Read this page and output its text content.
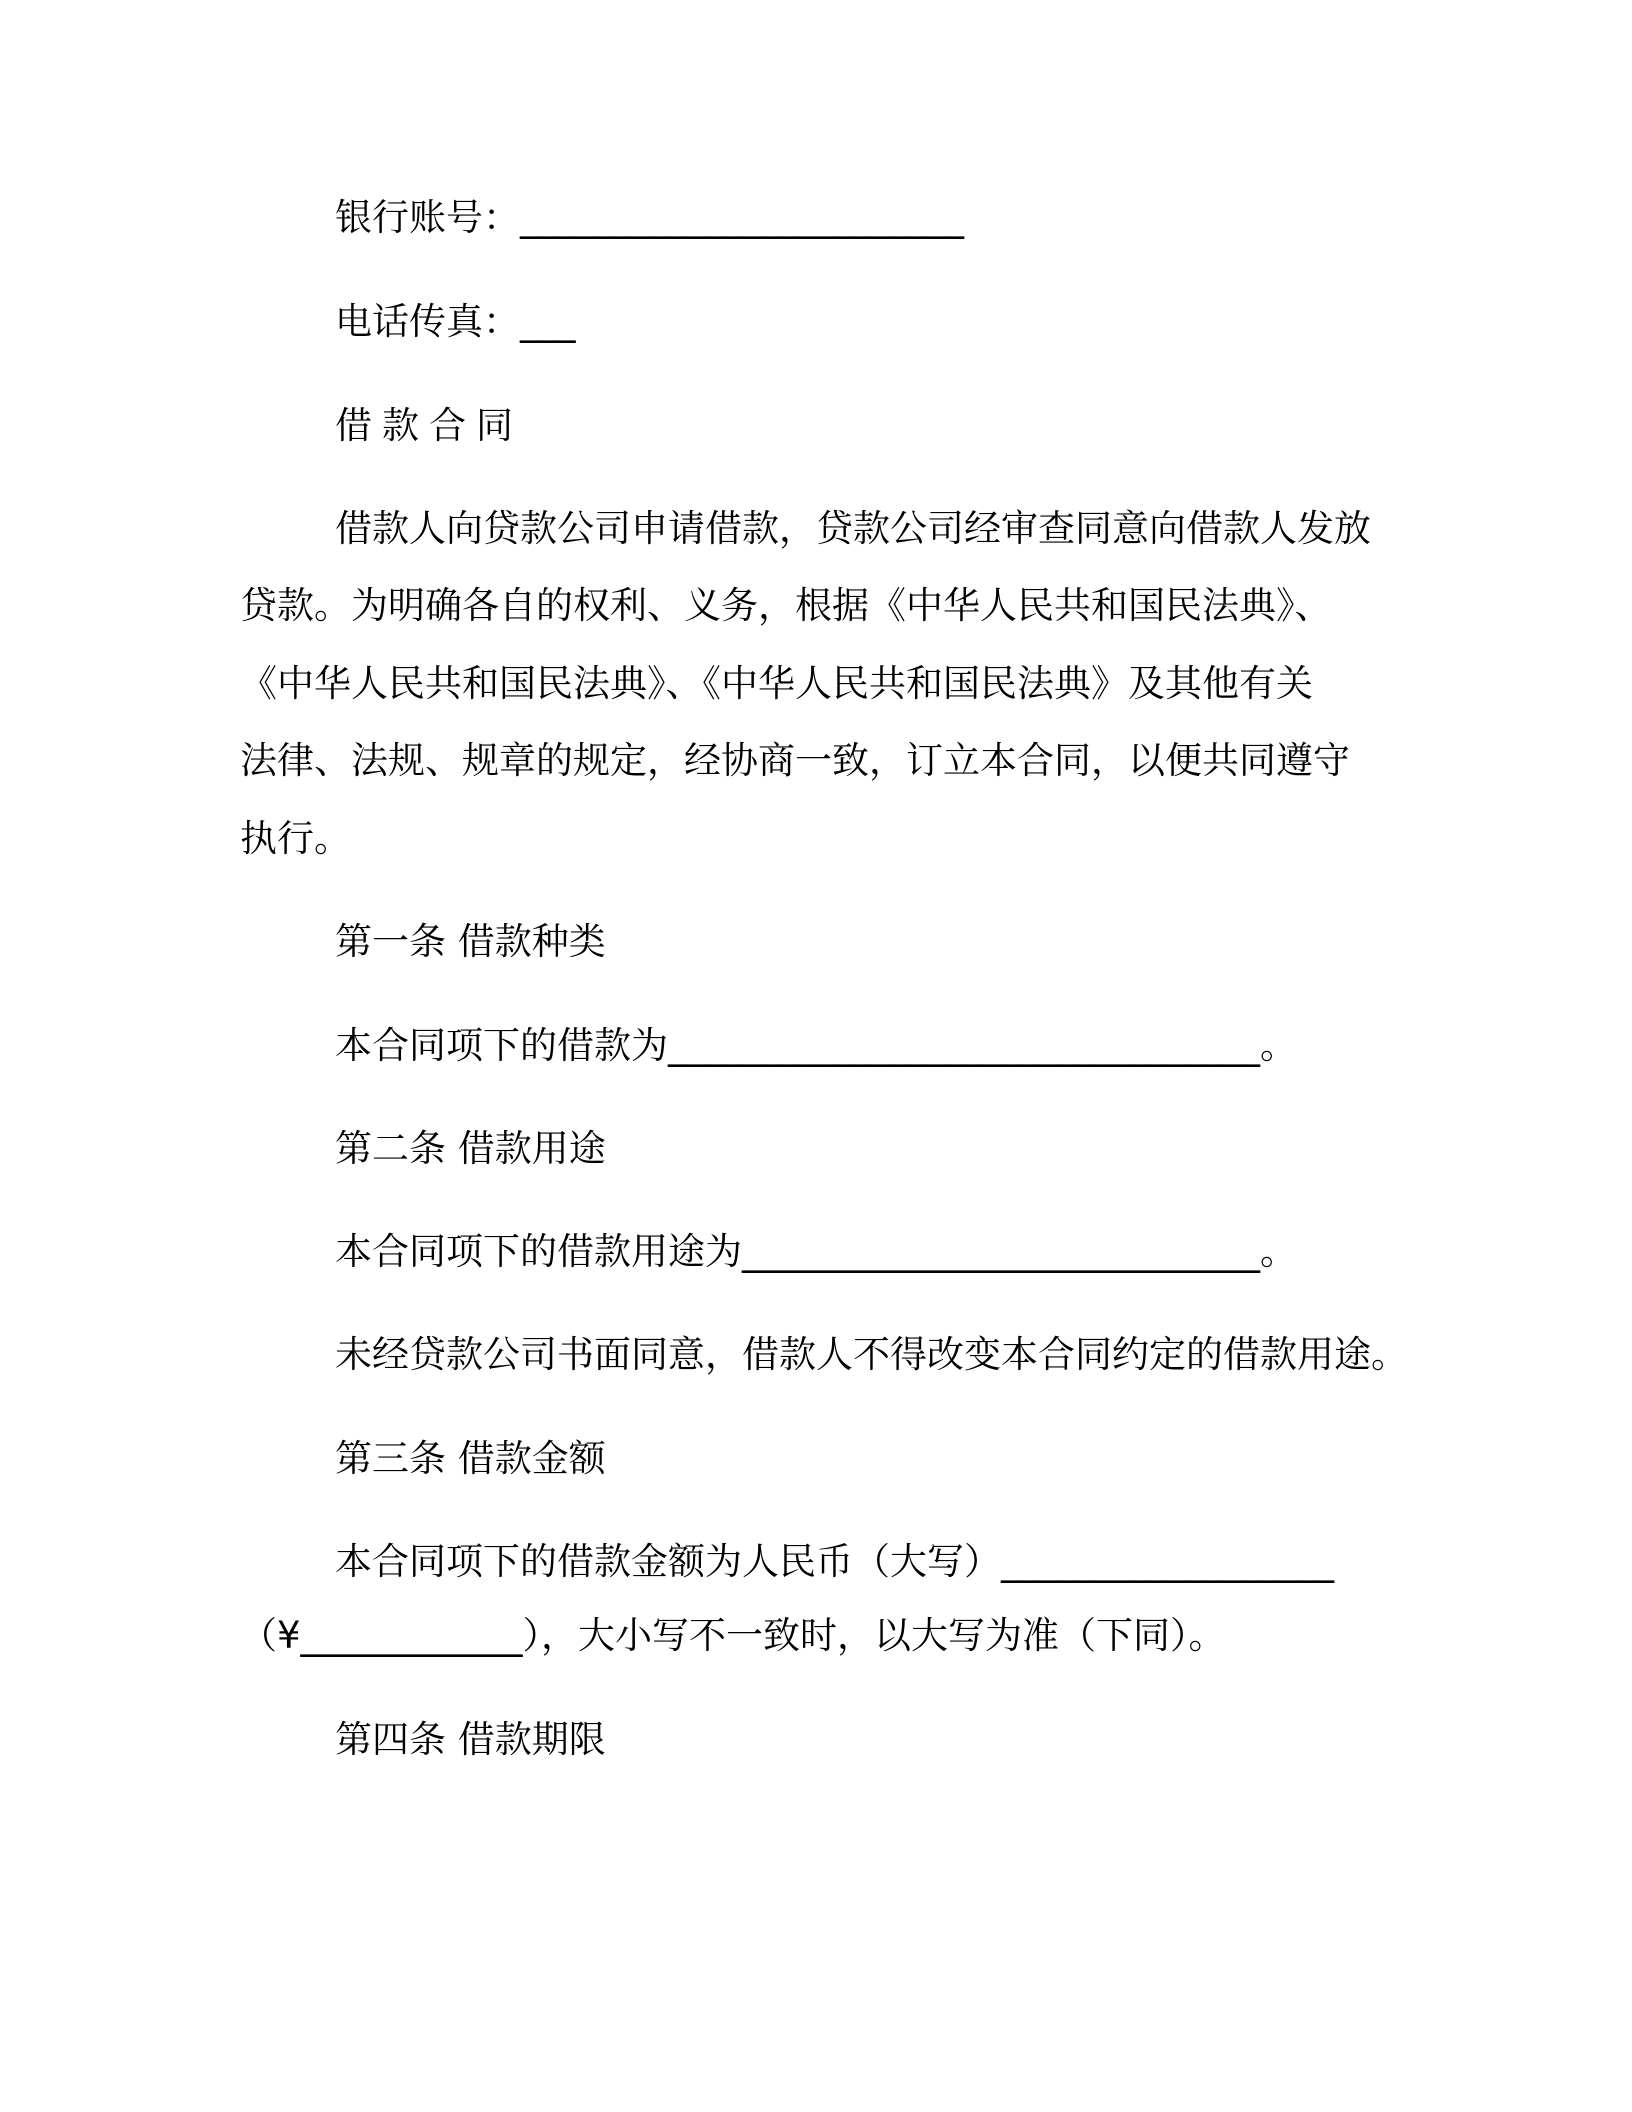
银行账号：________________________
电话传真：___
借款合同
借款人向贷款公司申请借款，贷款公司经审查同意向借款人发放
贷款。为明确各自的权利、义务，根据《中华人民共和国民法典》、
《中华人民共和国民法典》、《中华人民共和国民法典》及其他有关
法律、法规、规章的规定，经协商一致，订立本合同，以便共同遵守
执行。
第一条 借款种类
本合同项下的借款为________________________________。
第二条 借款用途
本合同项下的借款用途为____________________________。
未经贷款公司书面同意，借款人不得改变本合同约定的借款用途。
第三条 借款金额
本合同项下的借款金额为人民币（大写）__________________
（¥____________），大小写不一致时，以大写为准（下同）。
第四条 借款期限
